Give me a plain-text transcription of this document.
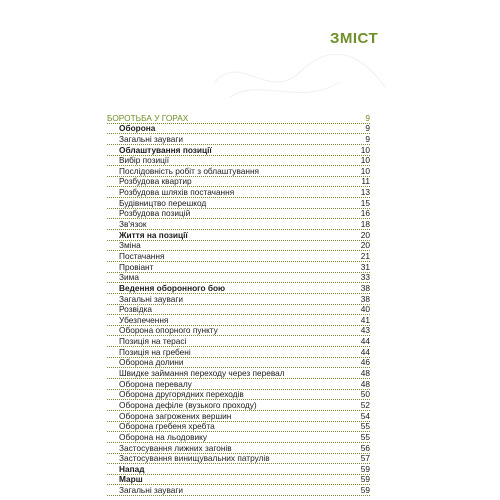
ЗМІСТ
БОРОТЬБА У ГОРАХ	9
Оборона	9
Загальні зауваги	9
Облаштування позиції	10
Вибір позиції	10
Послідовність робіт з облаштування	10
Розбудова квартир	11
Розбудова шляхів постачання	13
Будівництво перешкод	15
Розбудова позицій	16
Зв'язок	18
Життя на позиції	20
Зміна	20
Постачання	21
Провіант	31
Зима	33
Ведення оборонного бою	38
Загальні зауваги	38
Розвідка	40
Убезпечення	41
Оборона опорного пункту	43
Позиція на терасі	44
Позиція на гребені	44
Оборона долини	46
Швидке займання переходу через перевал	48
Оборона перевалу	48
Оборона другорядних переходів	50
Оборона дефіле (вузького проходу)	52
Оборона загрожених вершин	54
Оборона гребеня хребта	55
Оборона на льодовику	55
Застосування лижних загонів	56
Застосування винищувальних патрулів	57
Напад	59
Марш	59
Загальні зауваги	59
